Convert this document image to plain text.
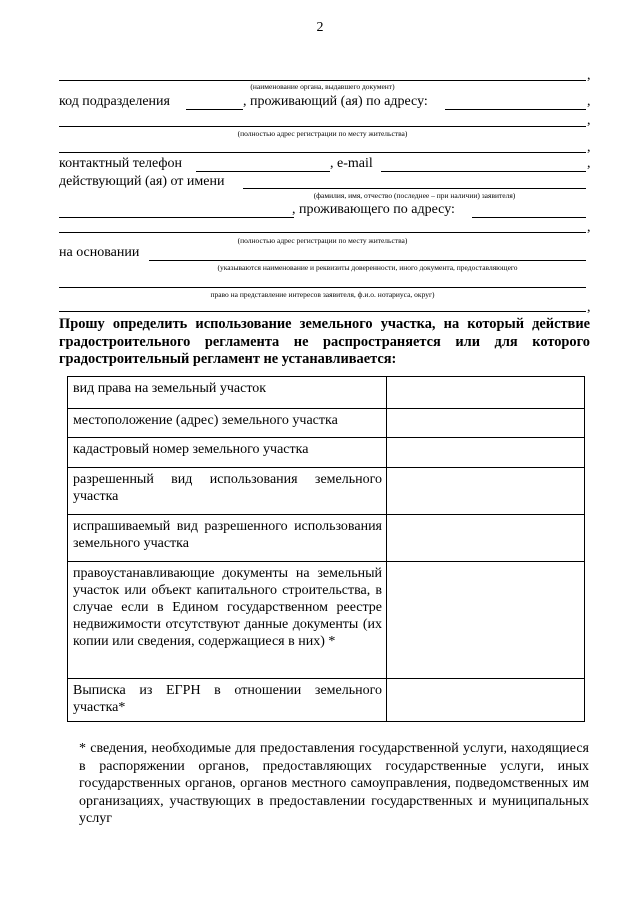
2
,
(наименование органа, выдавшего документ)
код подразделения	, проживающий (ая) по адресу:	,
,
(полностью адрес регистрации по месту жительства)
,
контактный телефон	, e-mail	,
действующий (ая) от имени
(фамилия, имя, отчество (последнее – при наличии) заявителя)
, проживающего по адресу:
,
(полностью адрес регистрации по месту жительства)
на основании
(указываются наименование и реквизиты доверенности, иного документа, предоставляющего
право на представление интересов заявителя, ф.и.о. нотариуса, округ)
,
Прошу определить использование земельного участка, на который действие градостроительного регламента не распространяется или для которого градостроительный регламент не устанавливается:
вид права на земельный участок	
местоположение (адрес) земельного участка	
кадастровый номер земельного участка	
разрешенный вид использования земельного участка	
испрашиваемый вид разрешенного использования земельного участка	
правоустанавливающие документы на земельный участок или объект капитального строительства, в случае если в Едином государственном реестре недвижимости отсутствуют данные документы (их копии или сведения, содержащиеся в них) *	
Выписка из ЕГРН в отношении земельного участка*	
* сведения, необходимые для предоставления государственной услуги, находящиеся в распоряжении органов, предоставляющих государственные услуги, иных государственных органов, органов местного самоуправления, подведомственных им организациях, участвующих в предоставлении государственных и муниципальных услуг
